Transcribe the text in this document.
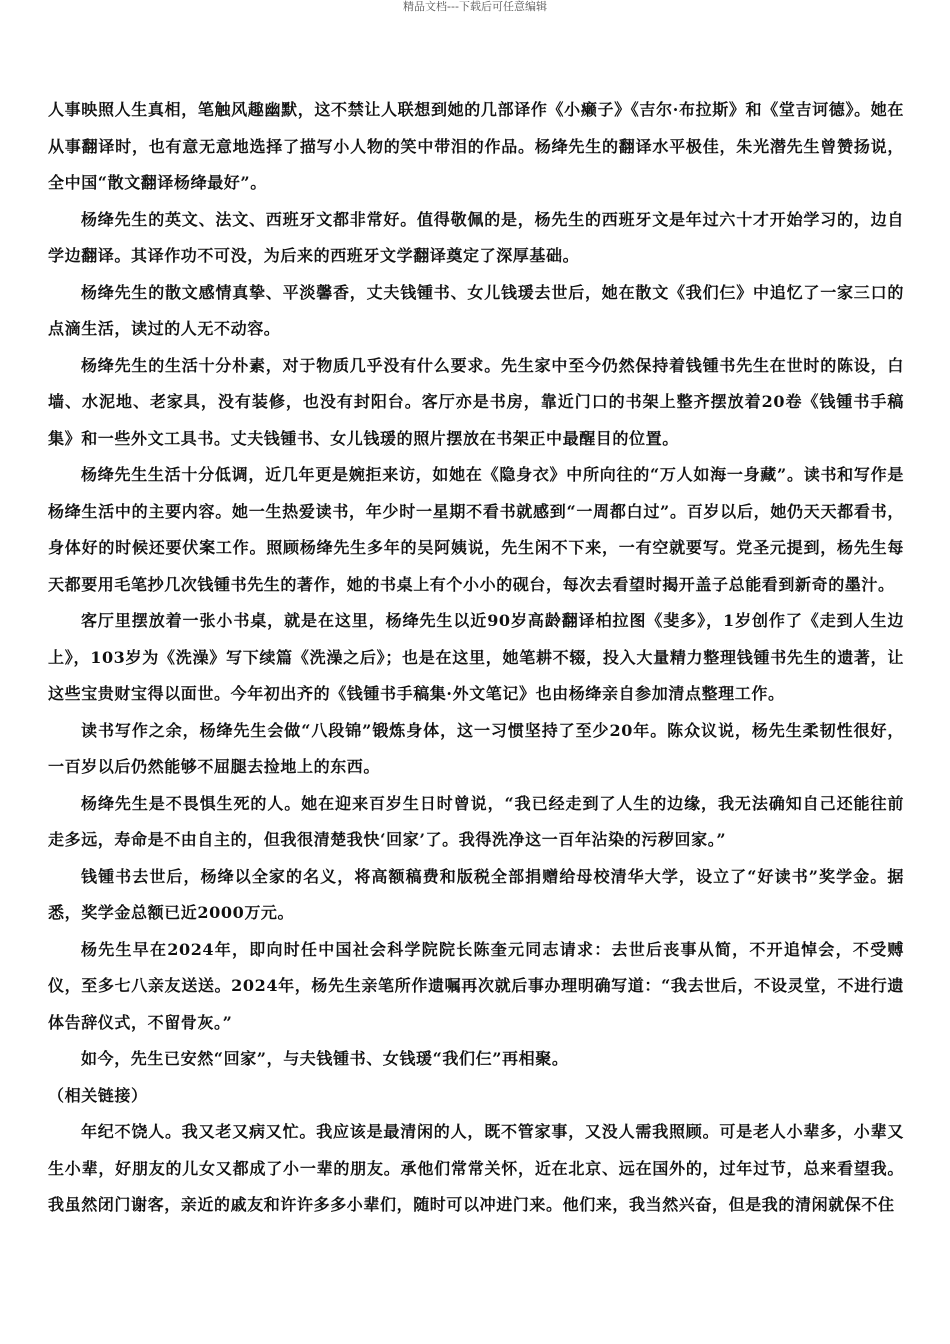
精品文档---下载后可任意编辑

人事映照人生真相，笔触风趣幽默，这不禁让人联想到她的几部译作《小癞子》《吉尔·布拉斯》和《堂吉诃德》。她在从事翻译时，也有意无意地选择了描写小人物的笑中带泪的作品。杨绛先生的翻译水平极佳，朱光潜先生曾赞扬说，全中国“散文翻译杨绛最好”。

杨绛先生的英文、法文、西班牙文都非常好。值得敬佩的是，杨先生的西班牙文是年过六十才开始学习的，边自学边翻译。其译作功不可没，为后来的西班牙文学翻译奠定了深厚基础。

杨绛先生的散文感情真挚、平淡馨香，丈夫钱锺书、女儿钱瑗去世后，她在散文《我们仨》中追忆了一家三口的点滴生活，读过的人无不动容。

杨绛先生的生活十分朴素，对于物质几乎没有什么要求。先生家中至今仍然保持着钱锺书先生在世时的陈设，白墙、水泥地、老家具，没有装修，也没有封阳台。客厅亦是书房，靠近门口的书架上整齐摆放着20卷《钱锺书手稿集》和一些外文工具书。丈夫钱锺书、女儿钱瑗的照片摆放在书架正中最醒目的位置。

杨绛先生生活十分低调，近几年更是婉拒来访，如她在《隐身衣》中所向往的“万人如海一身藏”。读书和写作是杨绛生活中的主要内容。她一生热爱读书，年少时一星期不看书就感到“一周都白过”。百岁以后，她仍天天都看书，身体好的时候还要伏案工作。照顾杨绛先生多年的吴阿姨说，先生闲不下来，一有空就要写。党圣元提到，杨先生每天都要用毛笔抄几次钱锺书先生的著作，她的书桌上有个小小的砚台，每次去看望时揭开盖子总能看到新奇的墨汁。

客厅里摆放着一张小书桌，就是在这里，杨绛先生以近90岁高龄翻译柏拉图《斐多》，1岁创作了《走到人生边上》，103岁为《洗澡》写下续篇《洗澡之后》；也是在这里，她笔耕不辍，投入大量精力整理钱锺书先生的遗著，让这些宝贵财宝得以面世。今年初出齐的《钱锺书手稿集·外文笔记》也由杨绛亲自参加清点整理工作。

读书写作之余，杨绛先生会做“八段锦”锻炼身体，这一习惯坚持了至少20年。陈众议说，杨先生柔韧性很好，一百岁以后仍然能够不屈腿去捡地上的东西。

杨绛先生是不畏惧生死的人。她在迎来百岁生日时曾说，“我已经走到了人生的边缘，我无法确知自己还能往前走多远，寿命是不由自主的，但我很清楚我快‘回家’了。我得洗净这一百年沾染的污秽回家。”

钱锺书去世后，杨绛以全家的名义，将高额稿费和版税全部捐赠给母校清华大学，设立了“好读书”奖学金。据悉，奖学金总额已近2000万元。

杨先生早在2024年，即向时任中国社会科学院院长陈奎元同志请求：去世后丧事从简，不开追悼会，不受赙仪，至多七八亲友送送。2024年，杨先生亲笔所作遗嘱再次就后事办理明确写道：“我去世后，不设灵堂，不进行遗体告辞仪式，不留骨灰。”

如今，先生已安然“回家”，与夫钱锺书、女钱瑗“我们仨”再相聚。

（相关链接）

年纪不饶人。我又老又病又忙。我应该是最清闲的人，既不管家事，又没人需我照顾。可是老人小辈多，小辈又生小辈，好朋友的儿女又都成了小一辈的朋友。承他们常常关怀，近在北京、远在国外的，过年过节，总来看望我。我虽然闭门谢客，亲近的戚友和许许多多小辈们，随时可以冲进门来。他们来，我当然兴奋，但是我的清闲就保不住
